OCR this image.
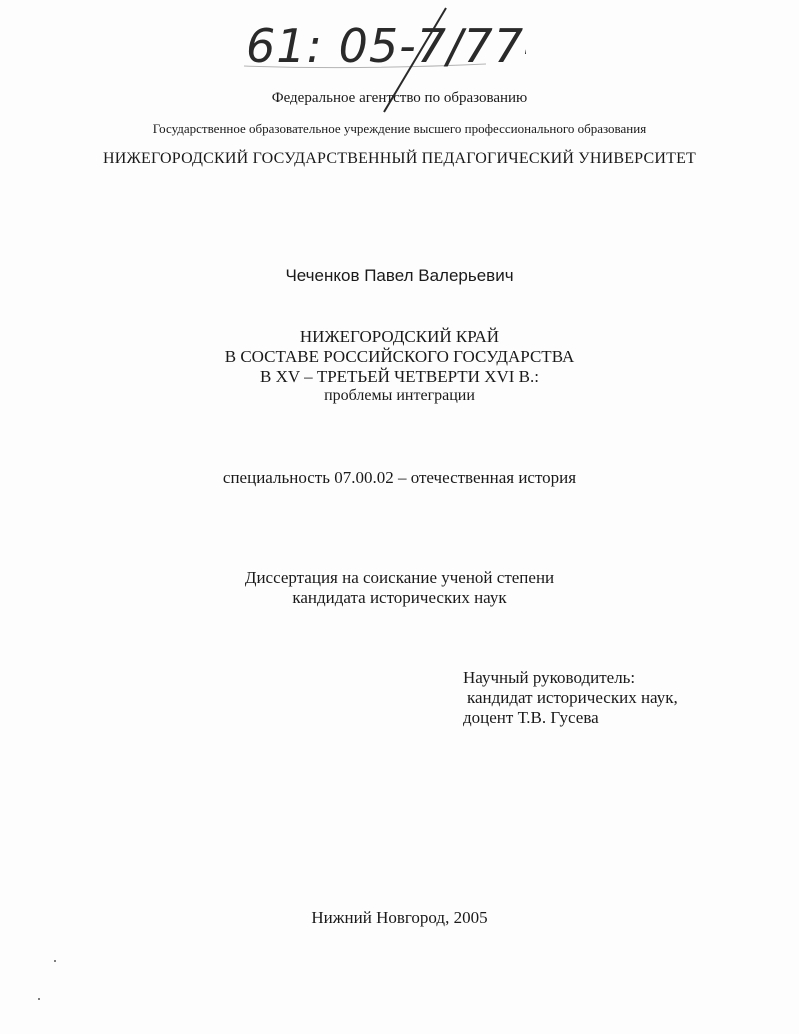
61: 05-7/774
Федеральное агентство по образованию
Государственное образовательное учреждение высшего профессионального образования
НИЖЕГОРОДСКИЙ ГОСУДАРСТВЕННЫЙ ПЕДАГОГИЧЕСКИЙ УНИВЕРСИТЕТ
Чеченков Павел Валерьевич
НИЖЕГОРОДСКИЙ КРАЙ
В СОСТАВЕ РОССИЙСКОГО ГОСУДАРСТВА
В XV – ТРЕТЬЕЙ ЧЕТВЕРТИ XVI В.:
проблемы интеграции
специальность 07.00.02 – отечественная история
Диссертация на соискание ученой степени
кандидата исторических наук
Научный руководитель:
кандидат исторических наук,
доцент Т.В. Гусева
Нижний Новгород, 2005
